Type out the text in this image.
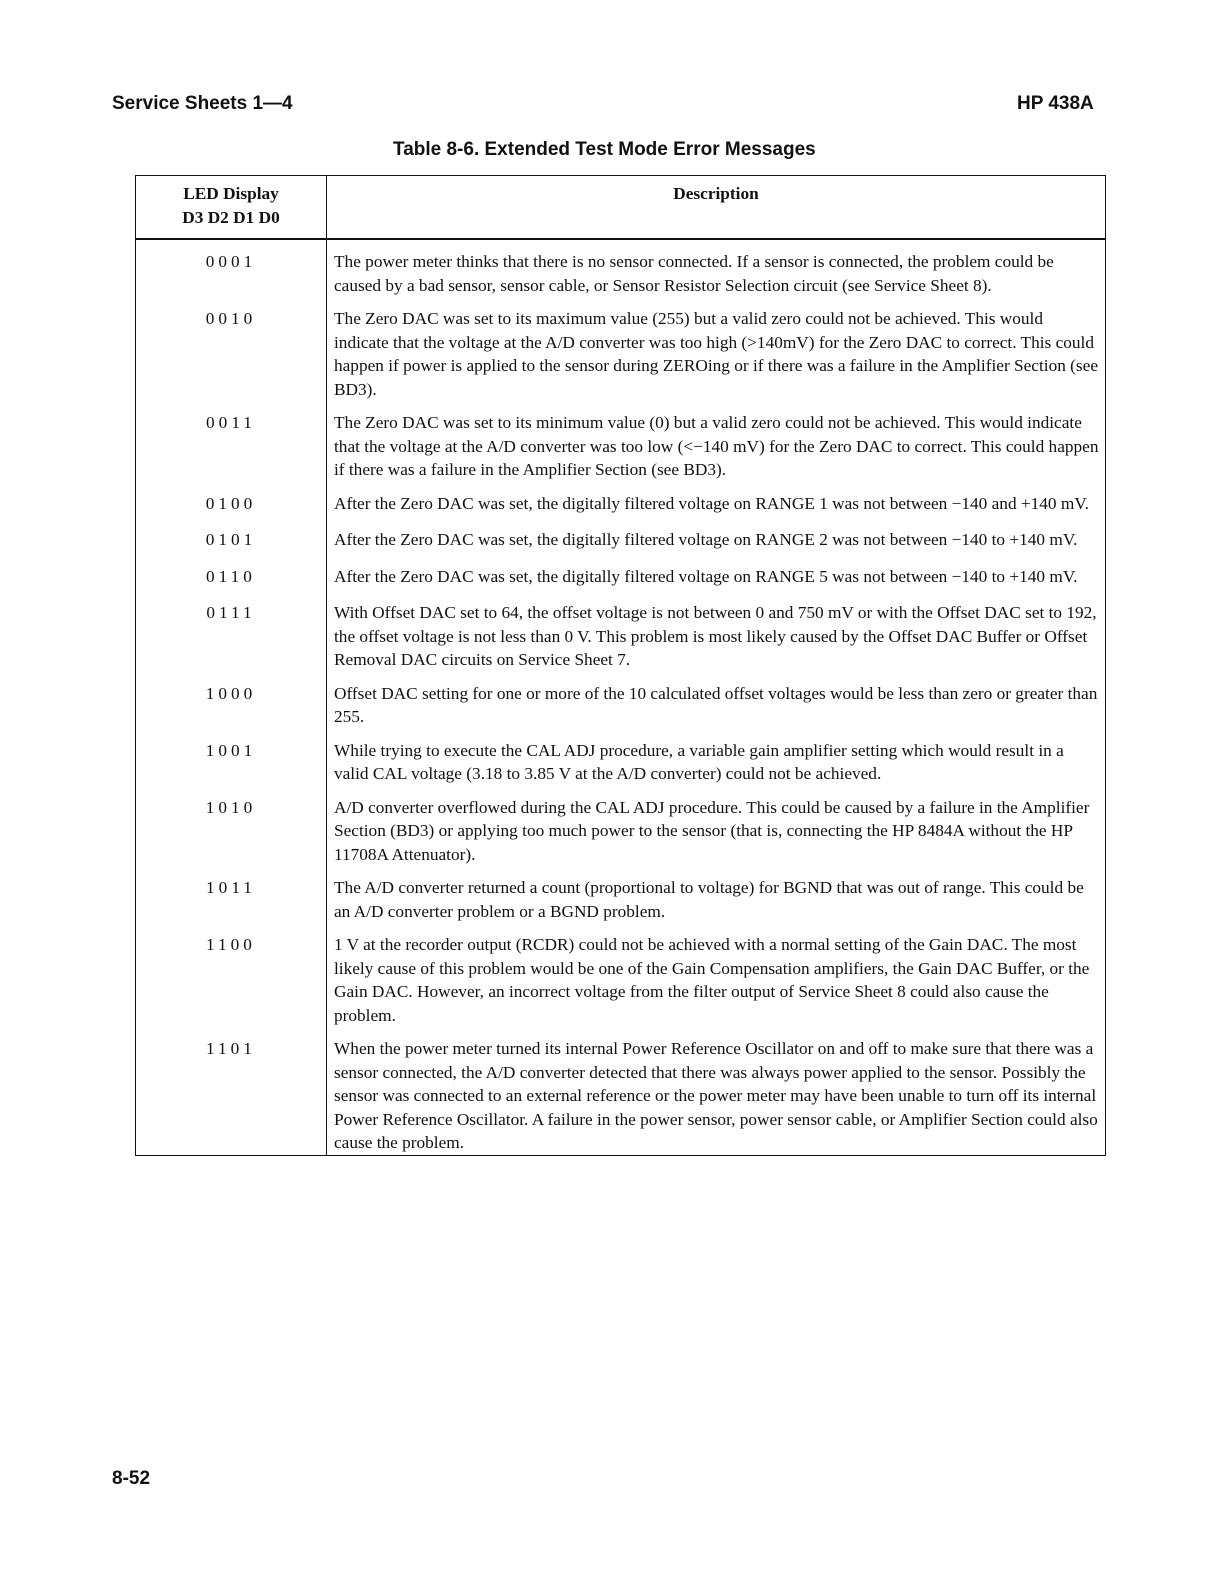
Service Sheets 1—4	HP 438A
Table 8-6. Extended Test Mode Error Messages
LED Display
D3 D2 D1 D0	Description
0001	The power meter thinks that there is no sensor connected. If a sensor is connected, the problem could be caused by a bad sensor, sensor cable, or Sensor Resistor Selection circuit (see Service Sheet 8).
0010	The Zero DAC was set to its maximum value (255) but a valid zero could not be achieved. This would indicate that the voltage at the A/D converter was too high (>140mV) for the Zero DAC to correct. This could happen if power is applied to the sensor during ZEROing or if there was a failure in the Amplifier Section (see BD3).
0011	The Zero DAC was set to its minimum value (0) but a valid zero could not be achieved. This would indicate that the voltage at the A/D converter was too low (<−140 mV) for the Zero DAC to correct. This could happen if there was a failure in the Amplifier Section (see BD3).
0100	After the Zero DAC was set, the digitally filtered voltage on RANGE 1 was not between −140 and +140 mV.
0101	After the Zero DAC was set, the digitally filtered voltage on RANGE 2 was not between −140 to +140 mV.
0110	After the Zero DAC was set, the digitally filtered voltage on RANGE 5 was not between −140 to +140 mV.
0111	With Offset DAC set to 64, the offset voltage is not between 0 and 750 mV or with the Offset DAC set to 192, the offset voltage is not less than 0 V. This problem is most likely caused by the Offset DAC Buffer or Offset Removal DAC circuits on Service Sheet 7.
1000	Offset DAC setting for one or more of the 10 calculated offset voltages would be less than zero or greater than 255.
1001	While trying to execute the CAL ADJ procedure, a variable gain amplifier setting which would result in a valid CAL voltage (3.18 to 3.85 V at the A/D converter) could not be achieved.
1010	A/D converter overflowed during the CAL ADJ procedure. This could be caused by a failure in the Amplifier Section (BD3) or applying too much power to the sensor (that is, connecting the HP 8484A without the HP 11708A Attenuator).
1011	The A/D converter returned a count (proportional to voltage) for BGND that was out of range. This could be an A/D converter problem or a BGND problem.
1100	1 V at the recorder output (RCDR) could not be achieved with a normal setting of the Gain DAC. The most likely cause of this problem would be one of the Gain Compensation amplifiers, the Gain DAC Buffer, or the Gain DAC. However, an incorrect voltage from the filter output of Service Sheet 8 could also cause the problem.
1101	When the power meter turned its internal Power Reference Oscillator on and off to make sure that there was a sensor connected, the A/D converter detected that there was always power applied to the sensor. Possibly the sensor was connected to an external reference or the power meter may have been unable to turn off its internal Power Reference Oscillator. A failure in the power sensor, power sensor cable, or Amplifier Section could also cause the problem.
8-52
